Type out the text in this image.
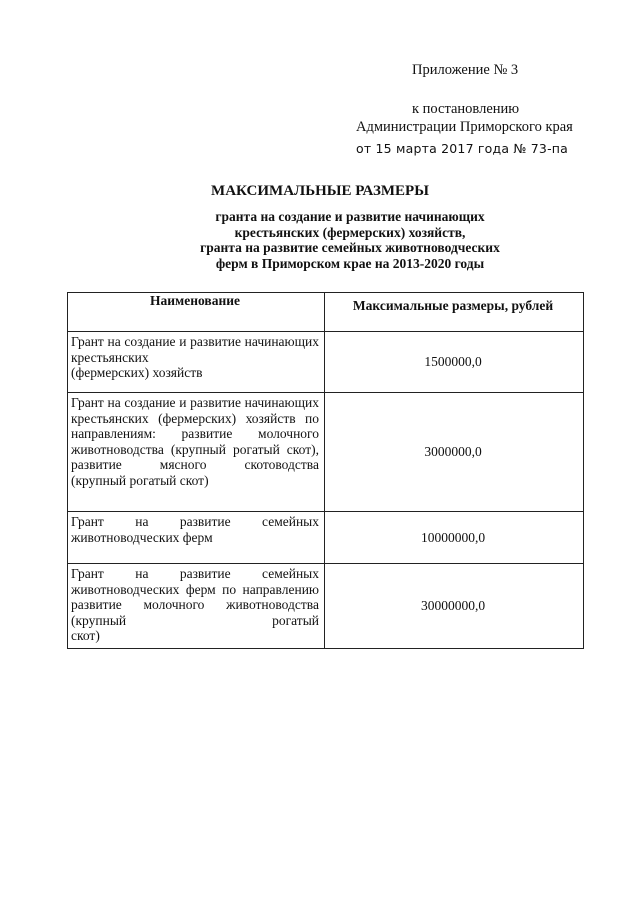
Приложение № 3
к постановлению
Администрации Приморского края
от 15 марта 2017 года № 73-па
МАКСИМАЛЬНЫЕ РАЗМЕРЫ
гранта на создание и развитие начинающих
крестьянских (фермерских) хозяйств,
гранта на развитие семейных животноводческих
ферм в Приморском крае на 2013-2020 годы
Наименование	Максимальные размеры, рублей
Грант на создание и развитие начинающих крестьянских
(фермерских) хозяйств	1500000,0
Грант на создание и развитие начинающих крестьянских (фермерских) хозяйств по направлениям: развитие молочного животноводства (крупный рогатый скот), развитие мясного скотоводства
(крупный рогатый скот)	3000000,0
Грант на развитие семейных
животноводческих ферм	10000000,0
Грант на развитие семейных животноводческих ферм по направлению развитие молочного животноводства (крупный рогатый
скот)	30000000,0
